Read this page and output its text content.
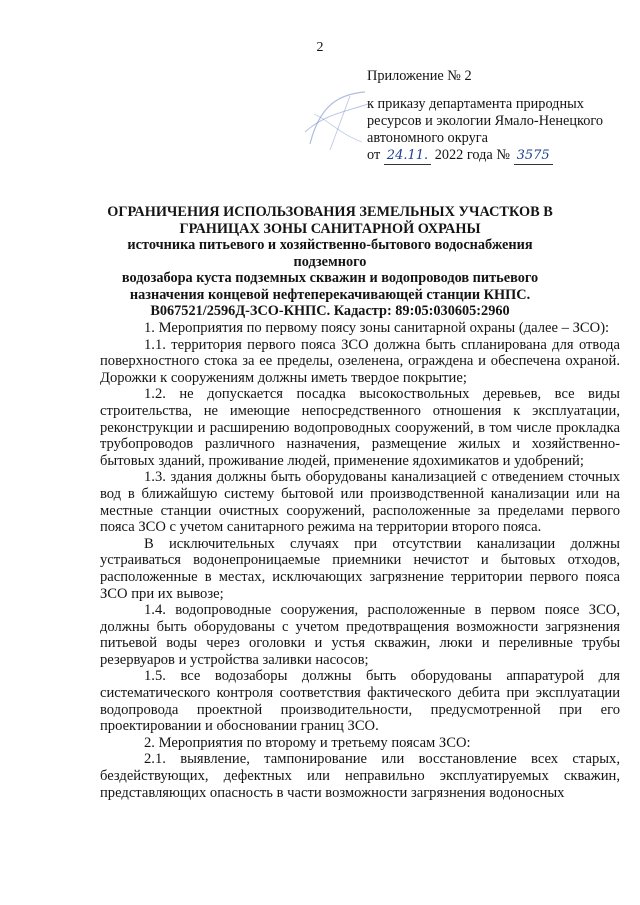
2
Приложение № 2
к приказу департамента природных
ресурсов и экологии Ямало-Ненецкого
автономного округа
от 24.11. 2022 года № 3575
ОГРАНИЧЕНИЯ ИСПОЛЬЗОВАНИЯ ЗЕМЕЛЬНЫХ УЧАСТКОВ В
ГРАНИЦАХ ЗОНЫ САНИТАРНОЙ ОХРАНЫ
источника питьевого и хозяйственно-бытового водоснабжения подземного
водозабора куста подземных скважин и водопроводов питьевого
назначения концевой нефтеперекачивающей станции КНПС.
В067521/2596Д-ЗСО-КНПС. Кадастр: 89:05:030605:2960

1. Мероприятия по первому поясу зоны санитарной охраны (далее – ЗСО):

1.1. территория первого пояса ЗСО должна быть спланирована для отвода поверхностного стока за ее пределы, озеленена, ограждена и обеспечена охраной. Дорожки к сооружениям должны иметь твердое покрытие;

1.2. не допускается посадка высокоствольных деревьев, все виды строительства, не имеющие непосредственного отношения к эксплуатации, реконструкции и расширению водопроводных сооружений, в том числе прокладка трубопроводов различного назначения, размещение жилых и хозяйственно-бытовых зданий, проживание людей, применение ядохимикатов и удобрений;

1.3. здания должны быть оборудованы канализацией с отведением сточных вод в ближайшую систему бытовой или производственной канализации или на местные станции очистных сооружений, расположенные за пределами первого пояса ЗСО с учетом санитарного режима на территории второго пояса.

В исключительных случаях при отсутствии канализации должны устраиваться водонепроницаемые приемники нечистот и бытовых отходов, расположенные в местах, исключающих загрязнение территории первого пояса ЗСО при их вывозе;

1.4. водопроводные сооружения, расположенные в первом поясе ЗСО, должны быть оборудованы с учетом предотвращения возможности загрязнения питьевой воды через оголовки и устья скважин, люки и переливные трубы резервуаров и устройства заливки насосов;

1.5. все водозаборы должны быть оборудованы аппаратурой для систематического контроля соответствия фактического дебита при эксплуатации водопровода проектной производительности, предусмотренной при его проектировании и обосновании границ ЗСО.

2. Мероприятия по второму и третьему поясам ЗСО:

2.1. выявление, тампонирование или восстановление всех старых, бездействующих, дефектных или неправильно эксплуатируемых скважин, представляющих опасность в части возможности загрязнения водоносных
